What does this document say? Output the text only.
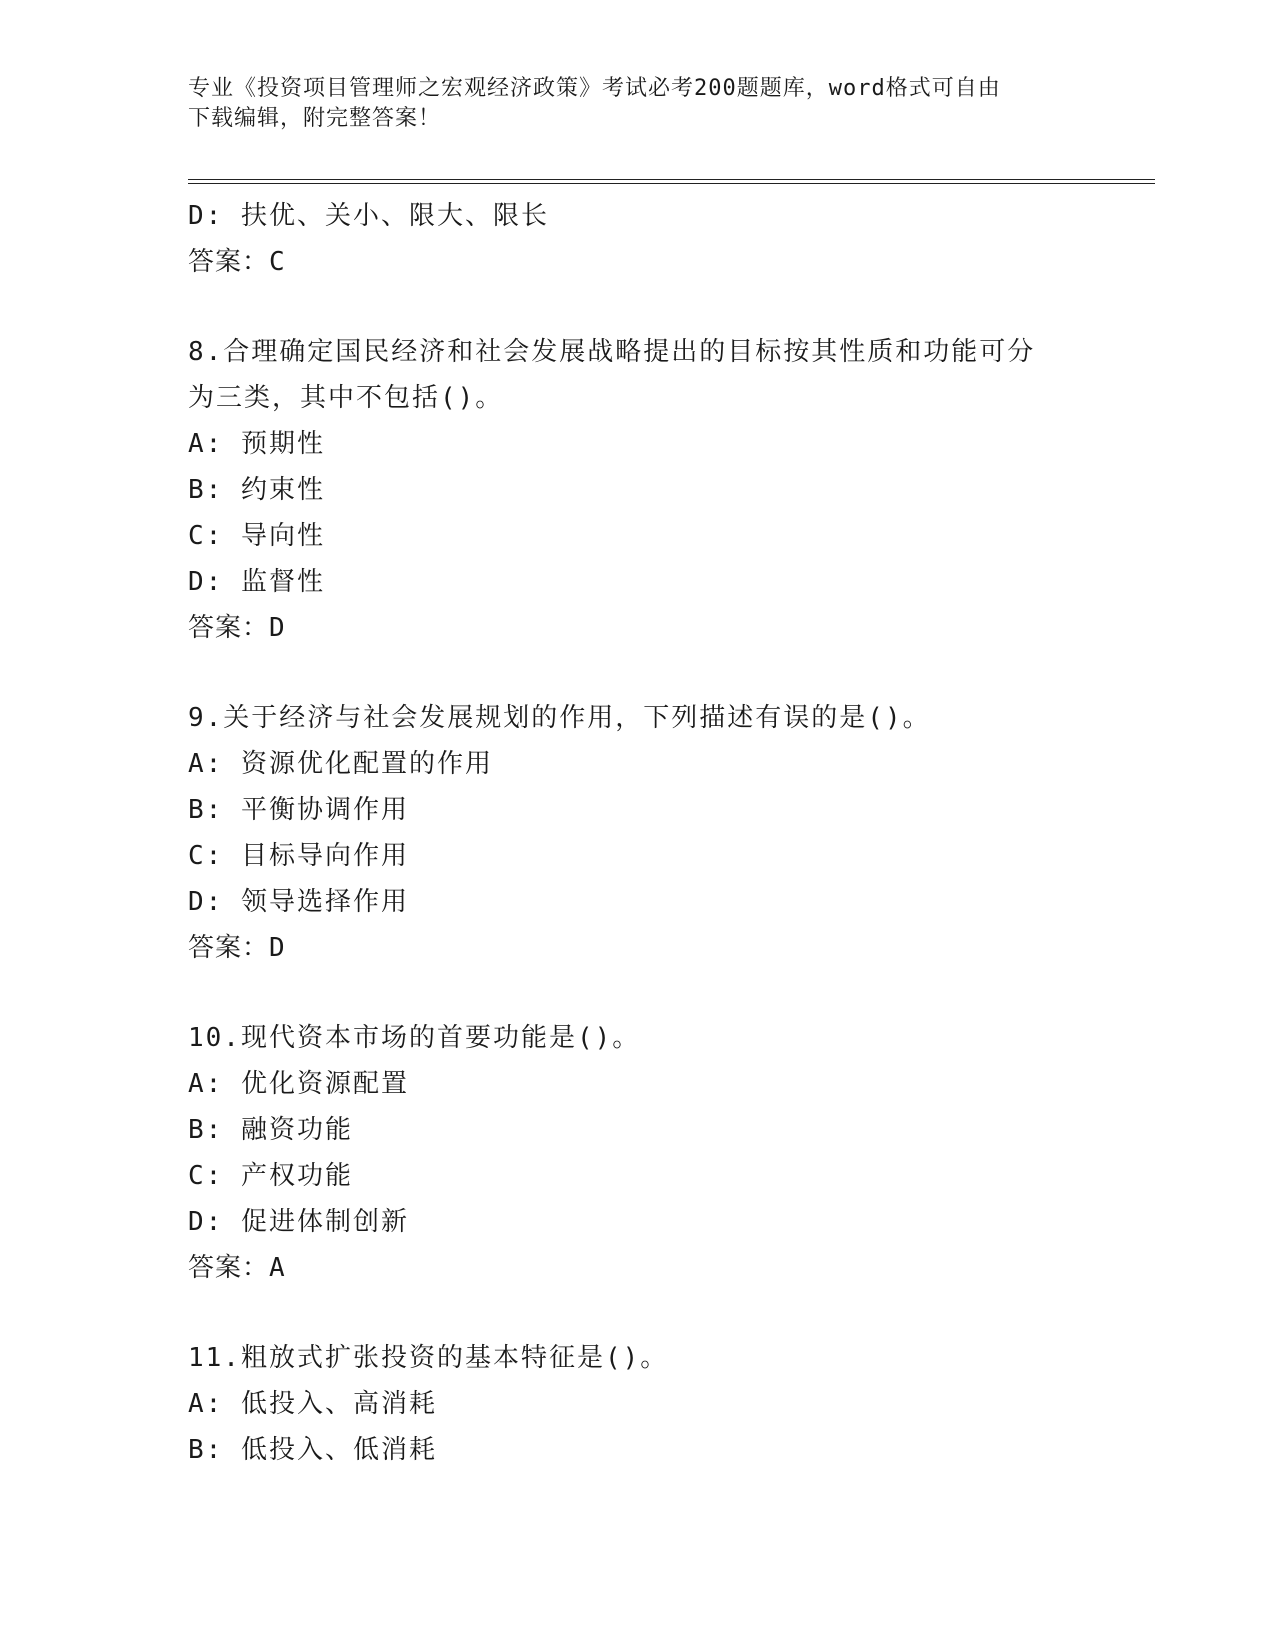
专业《投资项目管理师之宏观经济政策》考试必考200题题库，word格式可自由
下载编辑，附完整答案！
D: 扶优、关小、限大、限长
答案：C
8.合理确定国民经济和社会发展战略提出的目标按其性质和功能可分
为三类，其中不包括()。
A: 预期性
B: 约束性
C: 导向性
D: 监督性
答案：D
9.关于经济与社会发展规划的作用，下列描述有误的是()。
A: 资源优化配置的作用
B: 平衡协调作用
C: 目标导向作用
D: 领导选择作用
答案：D
10.现代资本市场的首要功能是()。
A: 优化资源配置
B: 融资功能
C: 产权功能
D: 促进体制创新
答案：A
11.粗放式扩张投资的基本特征是()。
A: 低投入、高消耗
B: 低投入、低消耗
